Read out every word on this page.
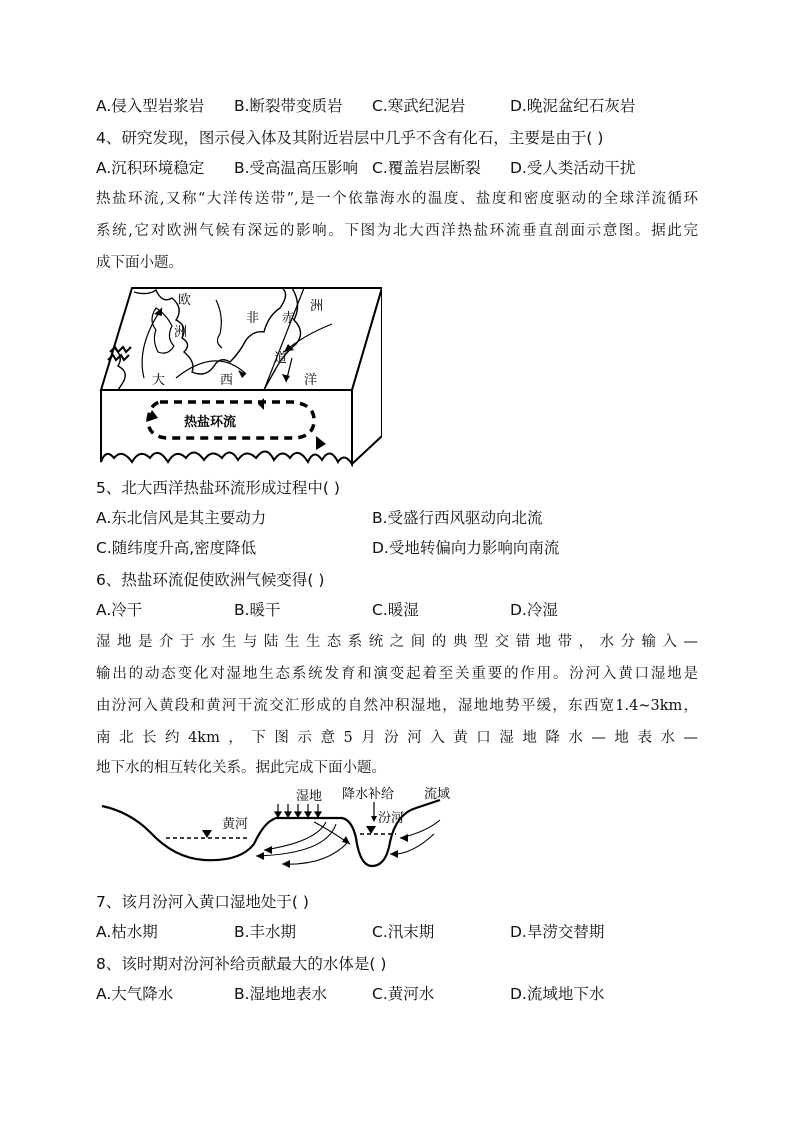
A.侵入型岩浆岩 B.断裂带变质岩 C.寒武纪泥岩	D.晚泥盆纪石灰岩
4、研究发现，图示侵入体及其附近岩层中几乎不含有化石，主要是由于( )
A.沉积环境稳定 B.受高温高压影响 C.覆盖岩层断裂 D.受人类活动干扰
热盐环流,又称“大洋传送带”,是一个依靠海水的温度、盐度和密度驱动的全球洋流循环
系统,它对欧洲气候有深远的影响。下图为北大西洋热盐环流垂直剖面示意图。据此完
成下面小题。
欧
洲
非 赤
洲
道
大	西	洋
热盐环流
5、北大西洋热盐环流形成过程中( )
A.东北信风是其主要动力	B.受盛行西风驱动向北流
C.随纬度升高,密度降低	D.受地转偏向力影响向南流
6、热盐环流促使欧洲气候变得( )
A.冷干	B.暖干	C.暖湿	D.冷湿
湿地是介于水生与陆生生态系统之间的典型交错地带，水分输入—
输出的动态变化对湿地生态系统发育和演变起着至关重要的作用。汾河入黄口湿地是
由汾河入黄段和黄河干流交汇形成的自然冲积湿地，湿地地势平缓，东西宽1.4~3km，
南北长约4km，下图示意5月汾河入黄口湿地降水—地表水—
地下水的相互转化关系。据此完成下面小题。
湿地 降水补给 流域
黄河	汾河
7、该月汾河入黄口湿地处于( )
A.枯水期	B.丰水期	C.汛末期	D.旱涝交替期
8、该时期对汾河补给贡献最大的水体是( )
A.大气降水	B.湿地地表水	C.黄河水	D.流域地下水
